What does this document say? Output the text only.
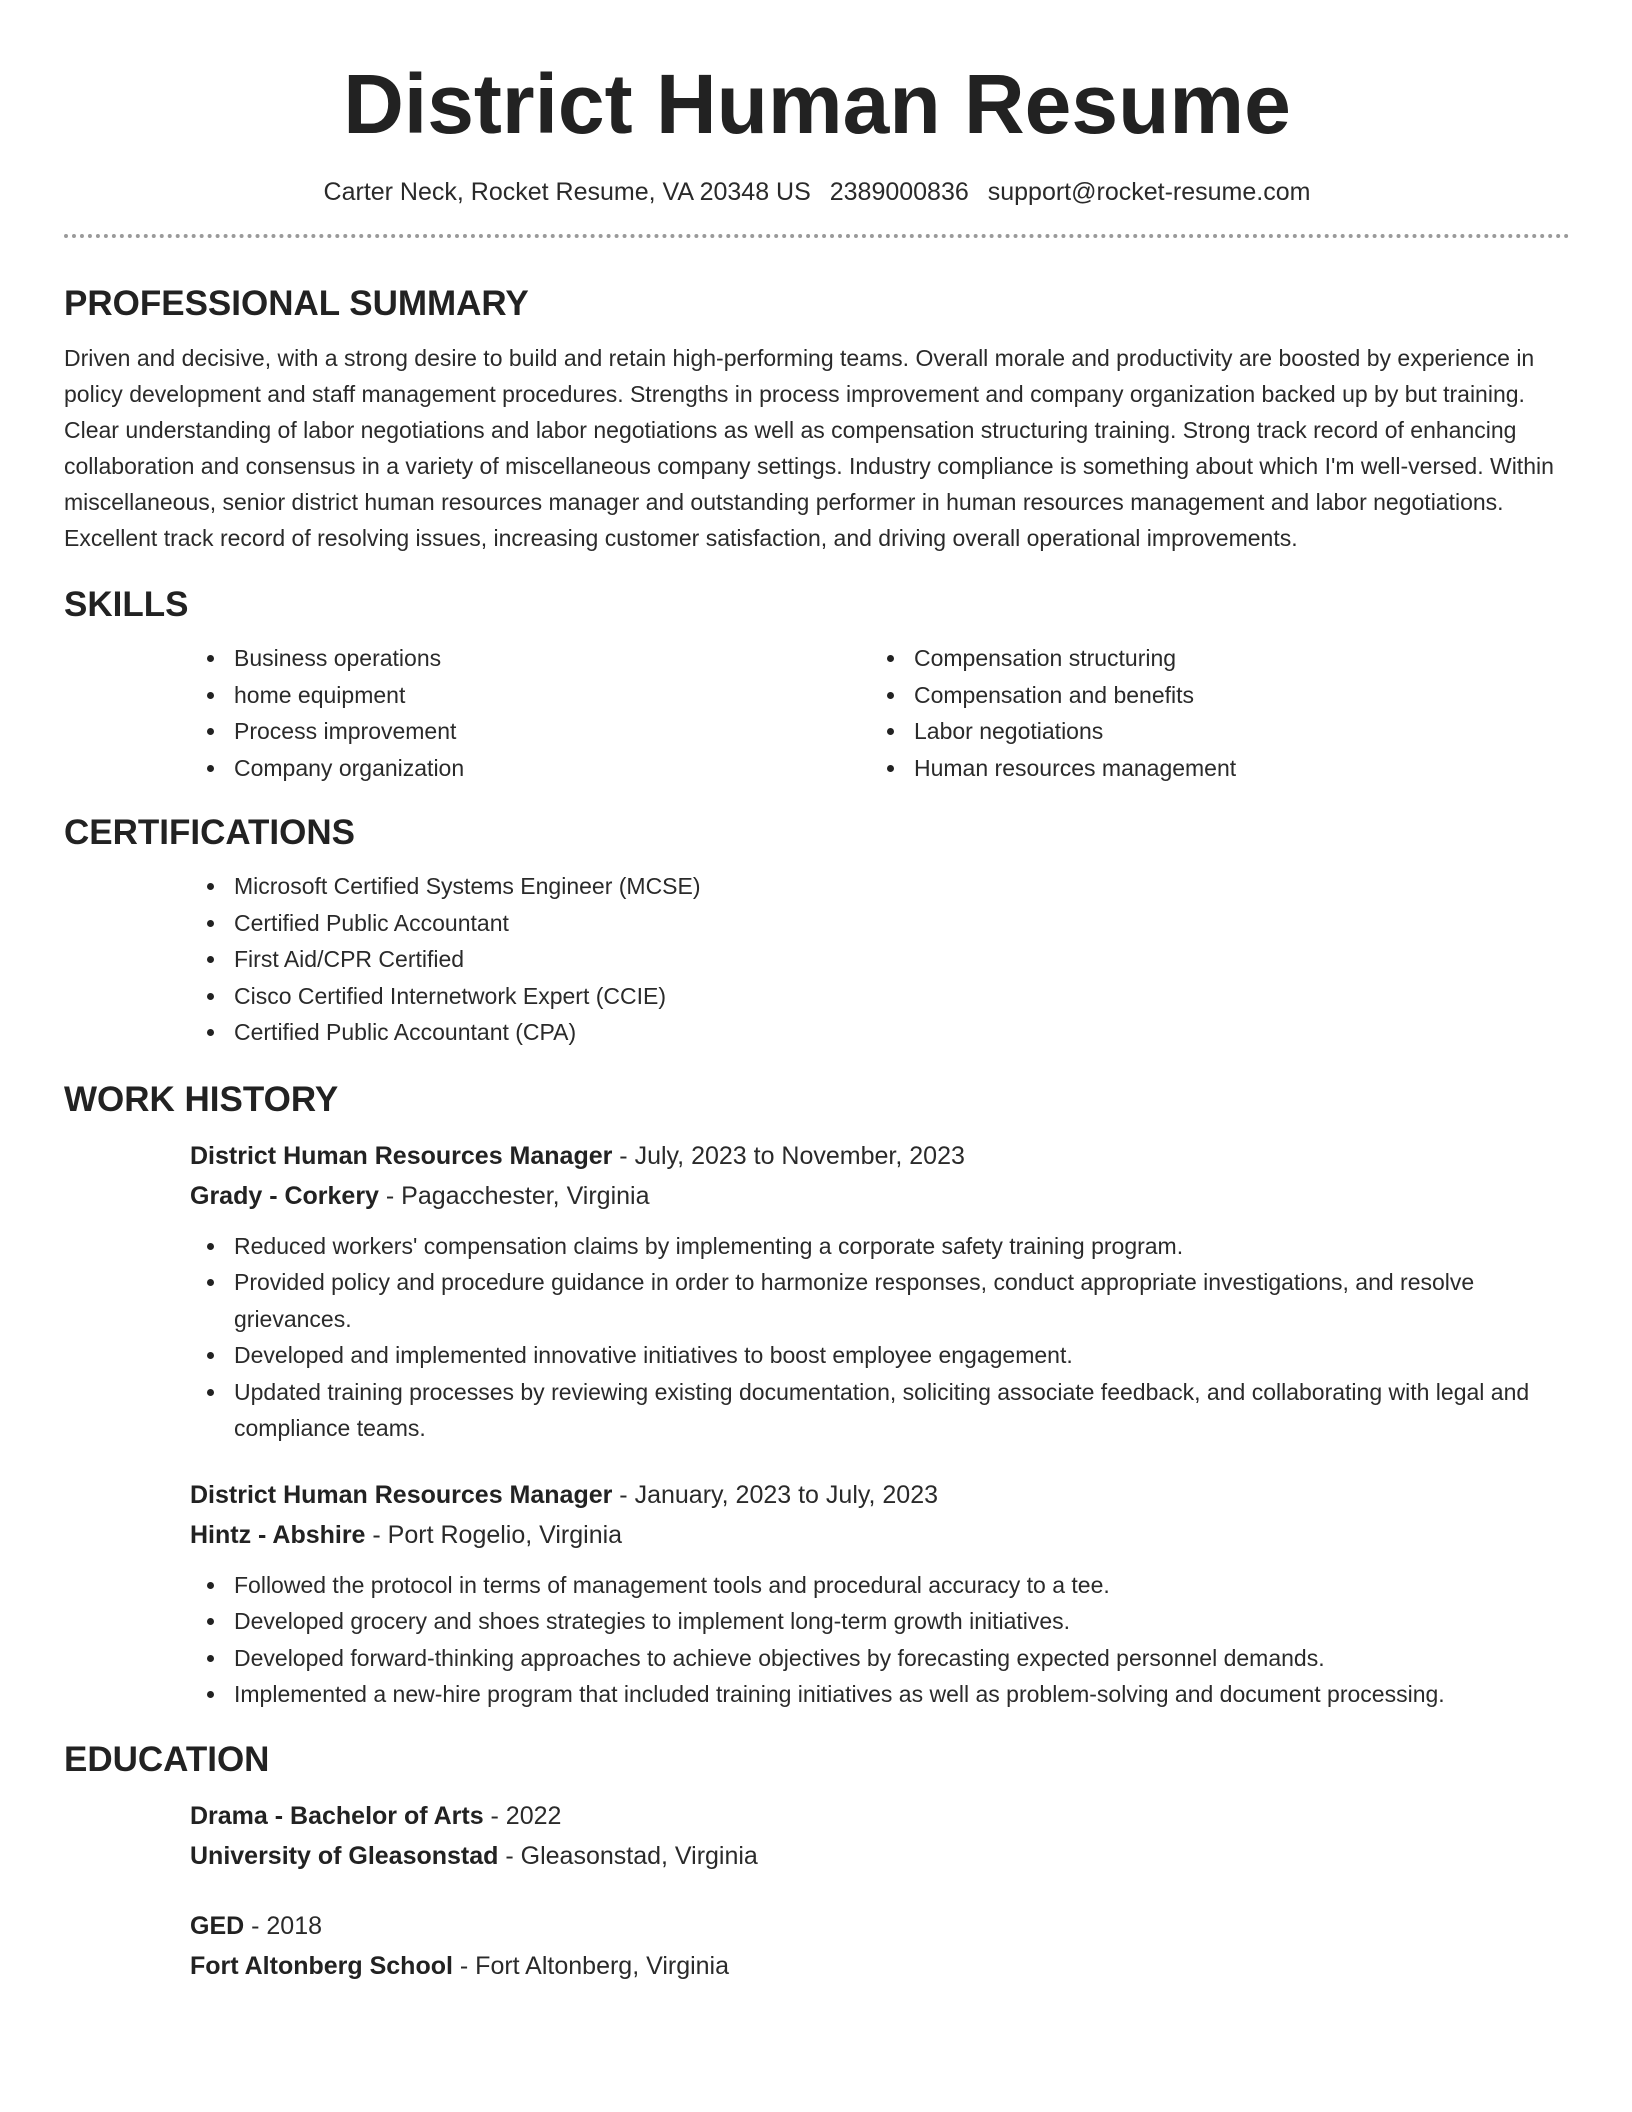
District Human Resume
Carter Neck, Rocket Resume, VA 20348 US 2389000836 support@rocket-resume.com
PROFESSIONAL SUMMARY

Driven and decisive, with a strong desire to build and retain high-performing teams. Overall morale and productivity are boosted by experience in policy development and staff management procedures. Strengths in process improvement and company organization backed up by but training. Clear understanding of labor negotiations and labor negotiations as well as compensation structuring training. Strong track record of enhancing collaboration and consensus in a variety of miscellaneous company settings. Industry compliance is something about which I'm well-versed. Within miscellaneous, senior district human resources manager and outstanding performer in human resources management and labor negotiations. Excellent track record of resolving issues, increasing customer satisfaction, and driving overall operational improvements.

SKILLS
Business operations
home equipment
Process improvement
Company organization
Compensation structuring
Compensation and benefits
Labor negotiations
Human resources management
CERTIFICATIONS
Microsoft Certified Systems Engineer (MCSE)
Certified Public Accountant
First Aid/CPR Certified
Cisco Certified Internetwork Expert (CCIE)
Certified Public Accountant (CPA)
WORK HISTORY
District Human Resources Manager - July, 2023 to November, 2023
Grady - Corkery - Pagacchester, Virginia
Reduced workers' compensation claims by implementing a corporate safety training program.
Provided policy and procedure guidance in order to harmonize responses, conduct appropriate investigations, and resolve grievances.
Developed and implemented innovative initiatives to boost employee engagement.
Updated training processes by reviewing existing documentation, soliciting associate feedback, and collaborating with legal and compliance teams.
District Human Resources Manager - January, 2023 to July, 2023
Hintz - Abshire - Port Rogelio, Virginia
Followed the protocol in terms of management tools and procedural accuracy to a tee.
Developed grocery and shoes strategies to implement long-term growth initiatives.
Developed forward-thinking approaches to achieve objectives by forecasting expected personnel demands.
Implemented a new-hire program that included training initiatives as well as problem-solving and document processing.
EDUCATION
Drama - Bachelor of Arts - 2022
University of Gleasonstad - Gleasonstad, Virginia
GED - 2018
Fort Altonberg School - Fort Altonberg, Virginia
